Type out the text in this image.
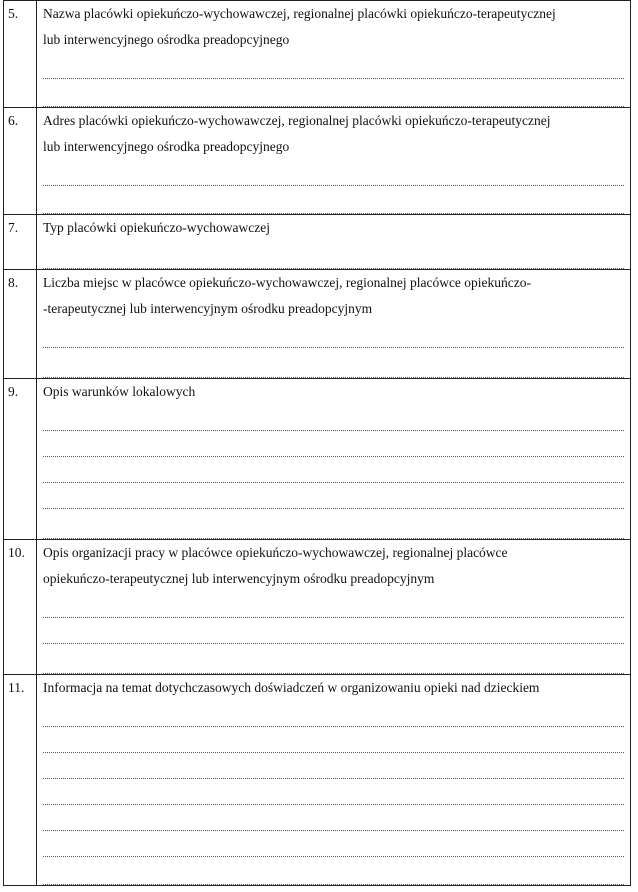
5.	Nazwa placówki opiekuńczo-wychowawczej, regionalnej placówki opiekuńczo-terapeutycznej
lub interwencyjnego ośrodka preadopcyjnego

6.	Adres placówki opiekuńczo-wychowawczej, regionalnej placówki opiekuńczo-terapeutycznej
lub interwencyjnego ośrodka preadopcyjnego

7.	Typ placówki opiekuńczo-wychowawczej

8.	Liczba miejsc w placówce opiekuńczo-wychowawczej, regionalnej placówce opiekuńczo-
-terapeutycznej lub interwencyjnym ośrodku preadopcyjnym

9.	Opis warunków lokalowych

10.	Opis organizacji pracy w placówce opiekuńczo-wychowawczej, regionalnej placówce
opiekuńczo-terapeutycznej lub interwencyjnym ośrodku preadopcyjnym

11.	Informacja na temat dotychczasowych doświadczeń w organizowaniu opieki nad dzieckiem
